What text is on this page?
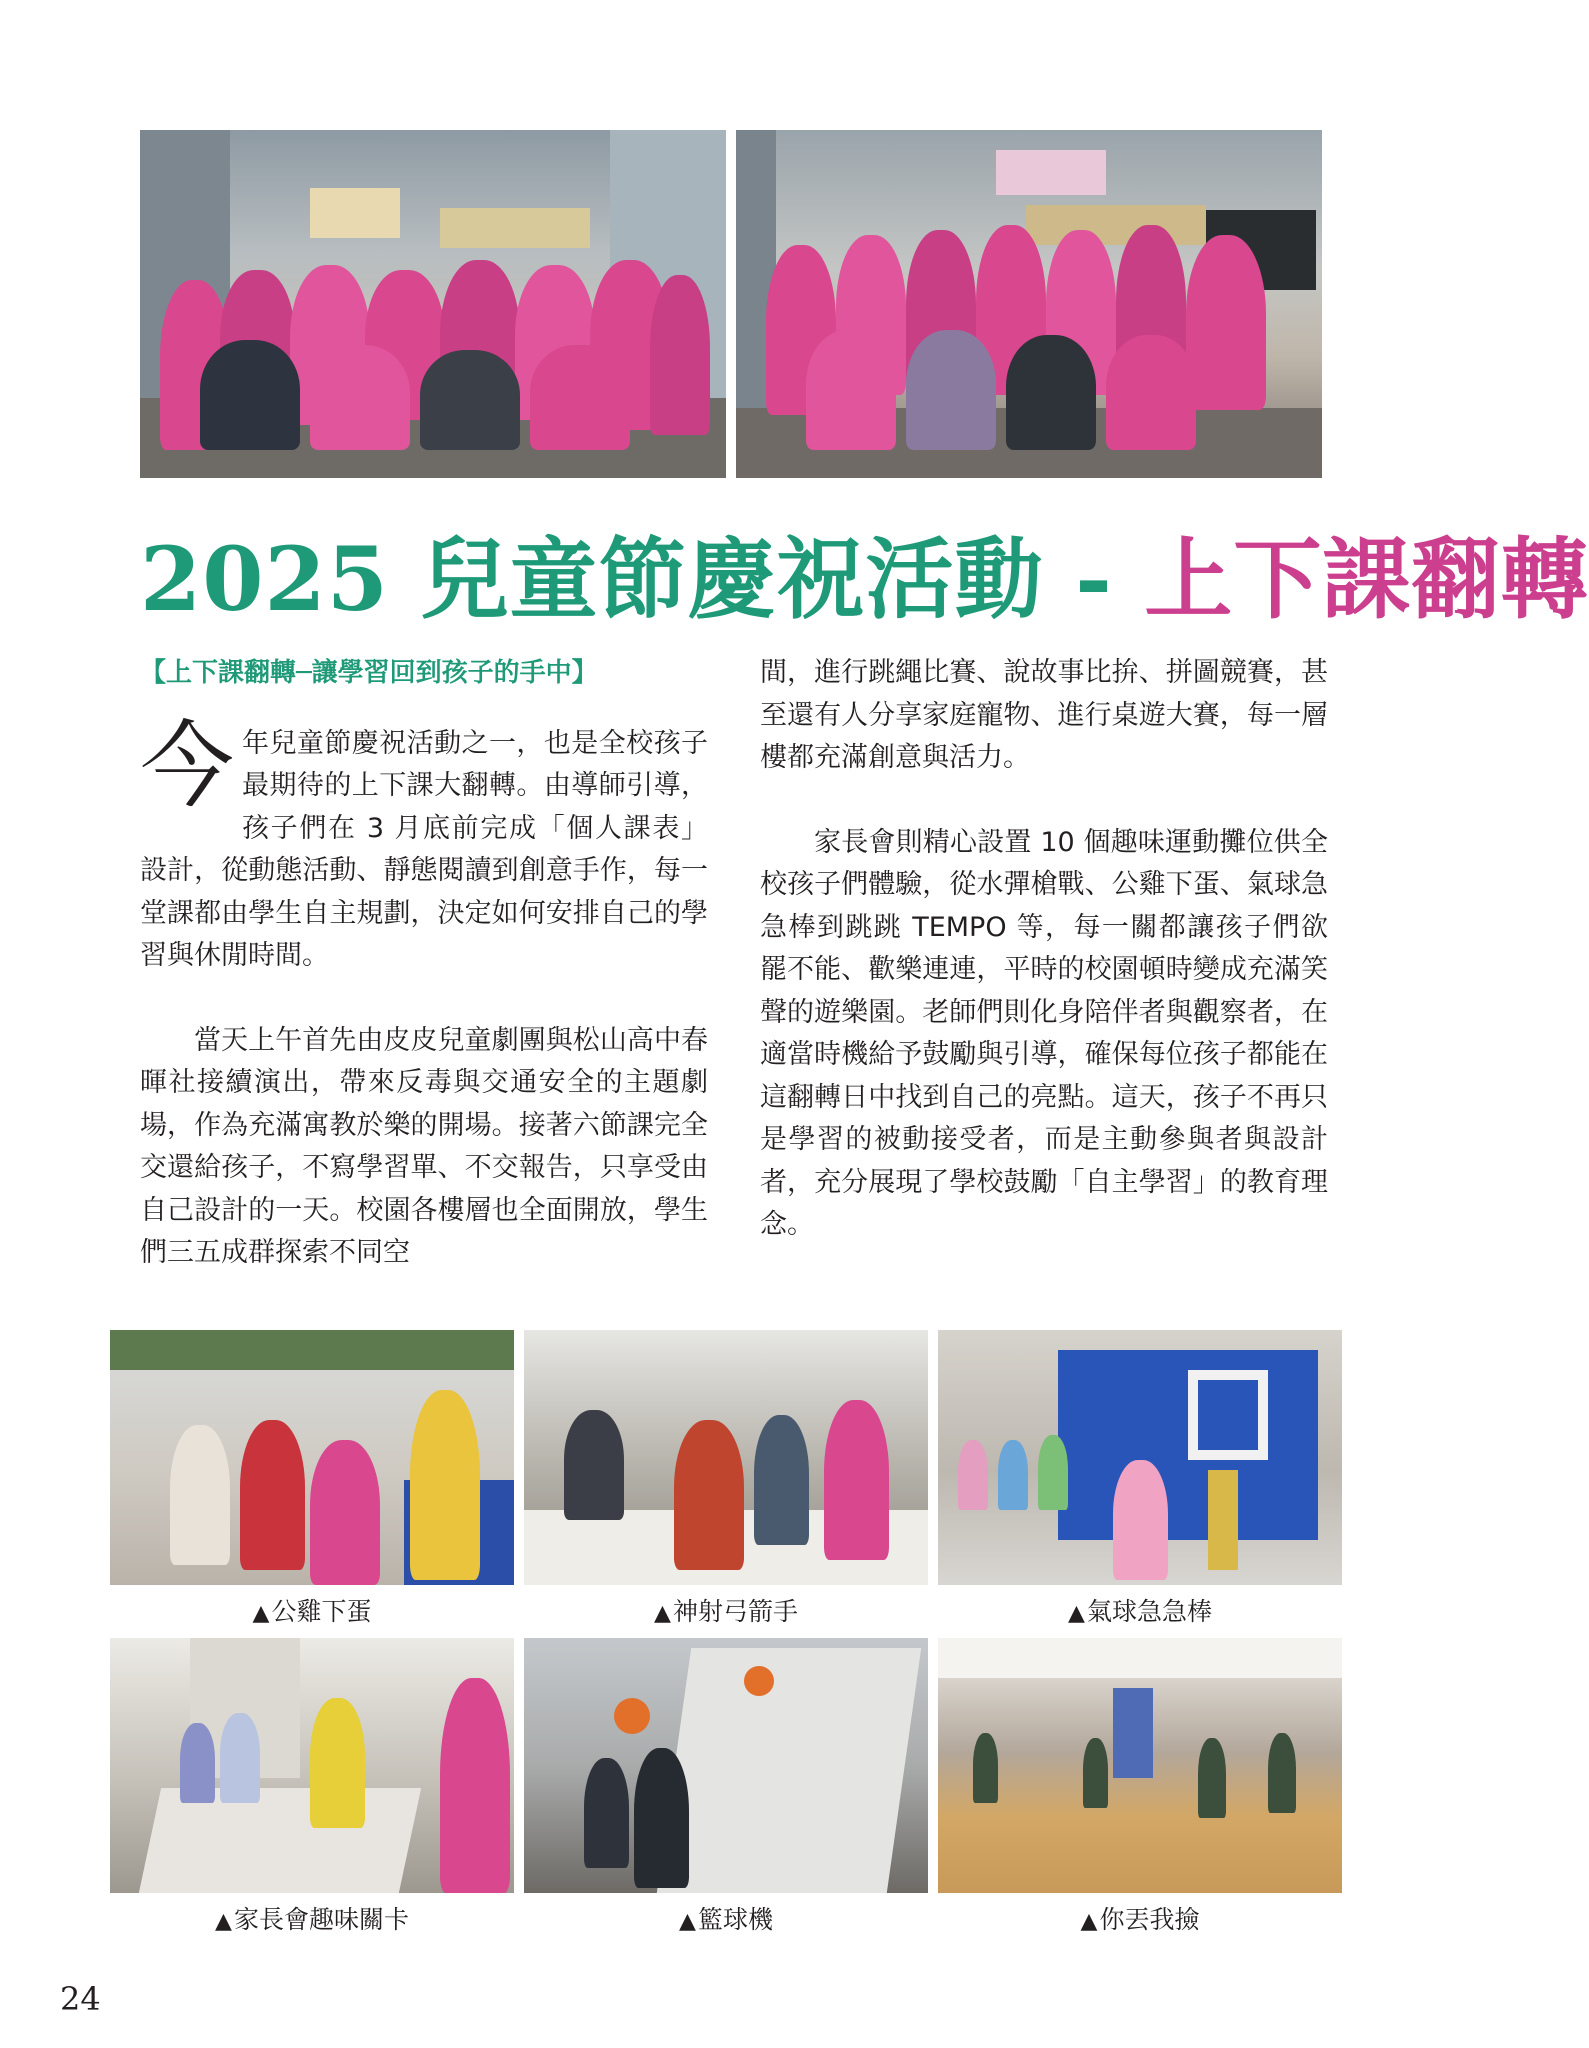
2025 兒童節慶祝活動 - 上下課翻轉
【上下課翻轉─讓學習回到孩子的手中】

今年兒童節慶祝活動之一，也是全校孩子最期待的上下課大翻轉。由導師引導，孩子們在 3 月底前完成「個人課表」設計，從動態活動、靜態閱讀到創意手作，每一堂課都由學生自主規劃，決定如何安排自己的學習與休閒時間。

當天上午首先由皮皮兒童劇團與松山高中春暉社接續演出，帶來反毒與交通安全的主題劇場，作為充滿寓教於樂的開場。接著六節課完全交還給孩子，不寫學習單、不交報告，只享受由自己設計的一天。校園各樓層也全面開放，學生們三五成群探索不同空

間，進行跳繩比賽、說故事比拚、拼圖競賽，甚至還有人分享家庭寵物、進行桌遊大賽，每一層樓都充滿創意與活力。

家長會則精心設置 10 個趣味運動攤位供全校孩子們體驗，從水彈槍戰、公雞下蛋、氣球急急棒到跳跳 TEMPO 等，每一關都讓孩子們欲罷不能、歡樂連連，平時的校園頓時變成充滿笑聲的遊樂園。老師們則化身陪伴者與觀察者，在適當時機給予鼓勵與引導，確保每位孩子都能在這翻轉日中找到自己的亮點。這天，孩子不再只是學習的被動接受者，而是主動參與者與設計者，充分展現了學校鼓勵「自主學習」的教育理念。

▲公雞下蛋	▲神射弓箭手	▲氣球急急棒
▲家長會趣味關卡	▲籃球機	▲你丟我撿
24
